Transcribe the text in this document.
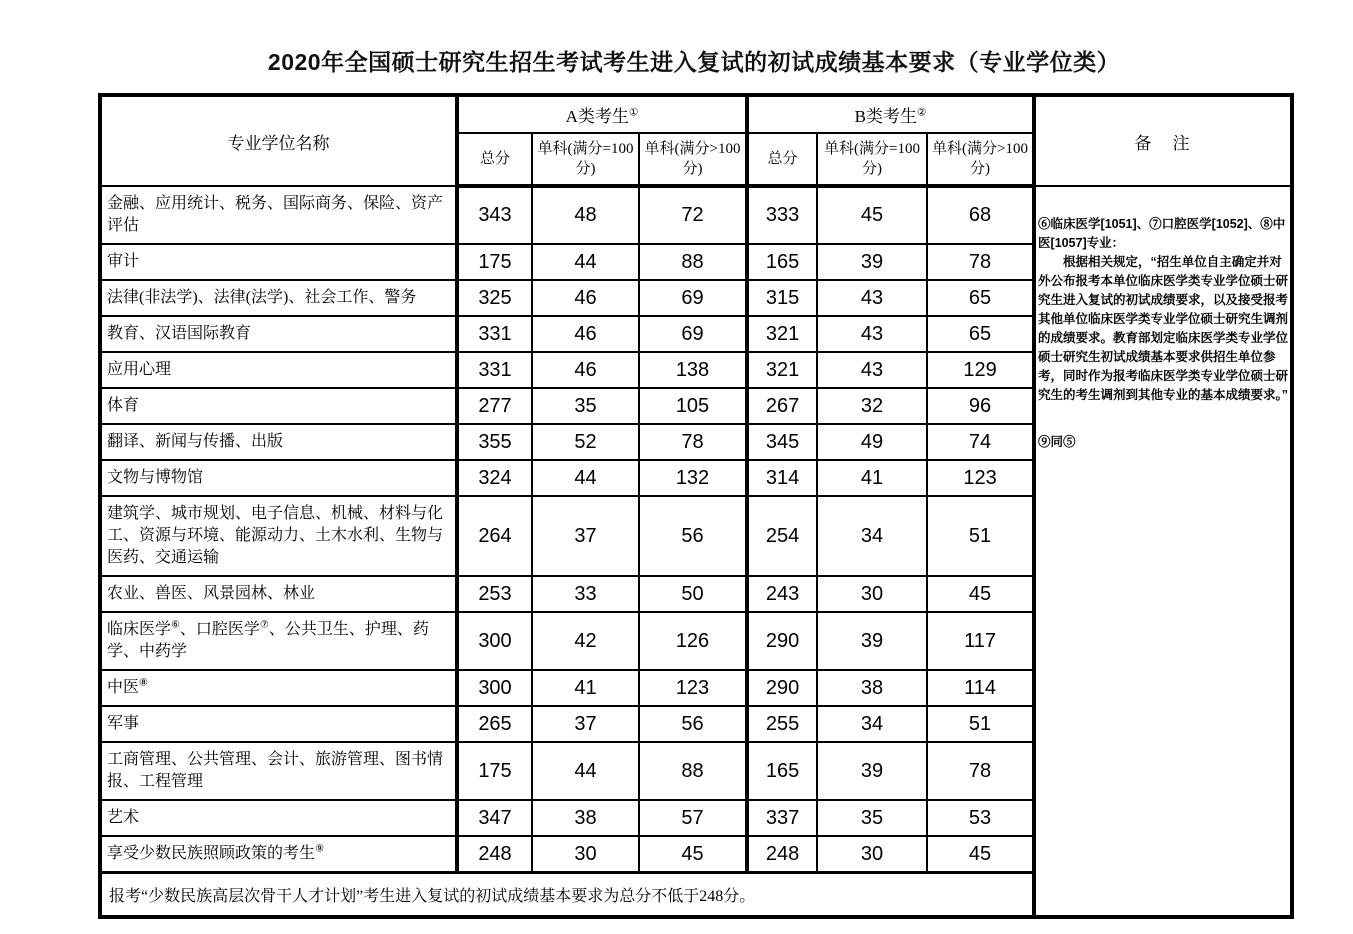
2020年全国硕士研究生招生考试考生进入复试的初试成绩基本要求（专业学位类）
专业学位名称	A类考生①			B类考生②			备　注
	总分	单科(满分=100分)	单科(满分>100分)	总分	单科(满分=100分)	单科(满分>100分)	
金融、应用统计、税务、国际商务、保险、资产评估	343	48	72	333	45	68	⑥临床医学[1051]、⑦口腔医学[1052]、⑧中医[1057]专业：

根据相关规定，“招生单位自主确定并对外公布报考本单位临床医学类专业学位硕士研究生进入复试的初试成绩要求，以及接受报考其他单位临床医学类专业学位硕士研究生调剂的成绩要求。教育部划定临床医学类专业学位硕士研究生初试成绩基本要求供招生单位参考，同时作为报考临床医学类专业学位硕士研究生的考生调剂到其他专业的基本成绩要求。”

⑨同⑤

审计	175	44	88	165	39	78	
法律(非法学)、法律(法学)、社会工作、警务	325	46	69	315	43	65	
教育、汉语国际教育	331	46	69	321	43	65	
应用心理	331	46	138	321	43	129	
体育	277	35	105	267	32	96	
翻译、新闻与传播、出版	355	52	78	345	49	74	
文物与博物馆	324	44	132	314	41	123	
建筑学、城市规划、电子信息、机械、材料与化工、资源与环境、能源动力、土木水利、生物与医药、交通运输	264	37	56	254	34	51	
农业、兽医、风景园林、林业	253	33	50	243	30	45	
临床医学⑥、口腔医学⑦、公共卫生、护理、药学、中药学	300	42	126	290	39	117	
中医⑧	300	41	123	290	38	114	
军事	265	37	56	255	34	51	
工商管理、公共管理、会计、旅游管理、图书情报、工程管理	175	44	88	165	39	78	
艺术	347	38	57	337	35	53	
享受少数民族照顾政策的考生⑨	248	30	45	248	30	45	
报考“少数民族高层次骨干人才计划”考生进入复试的初试成绩基本要求为总分不低于248分。							
